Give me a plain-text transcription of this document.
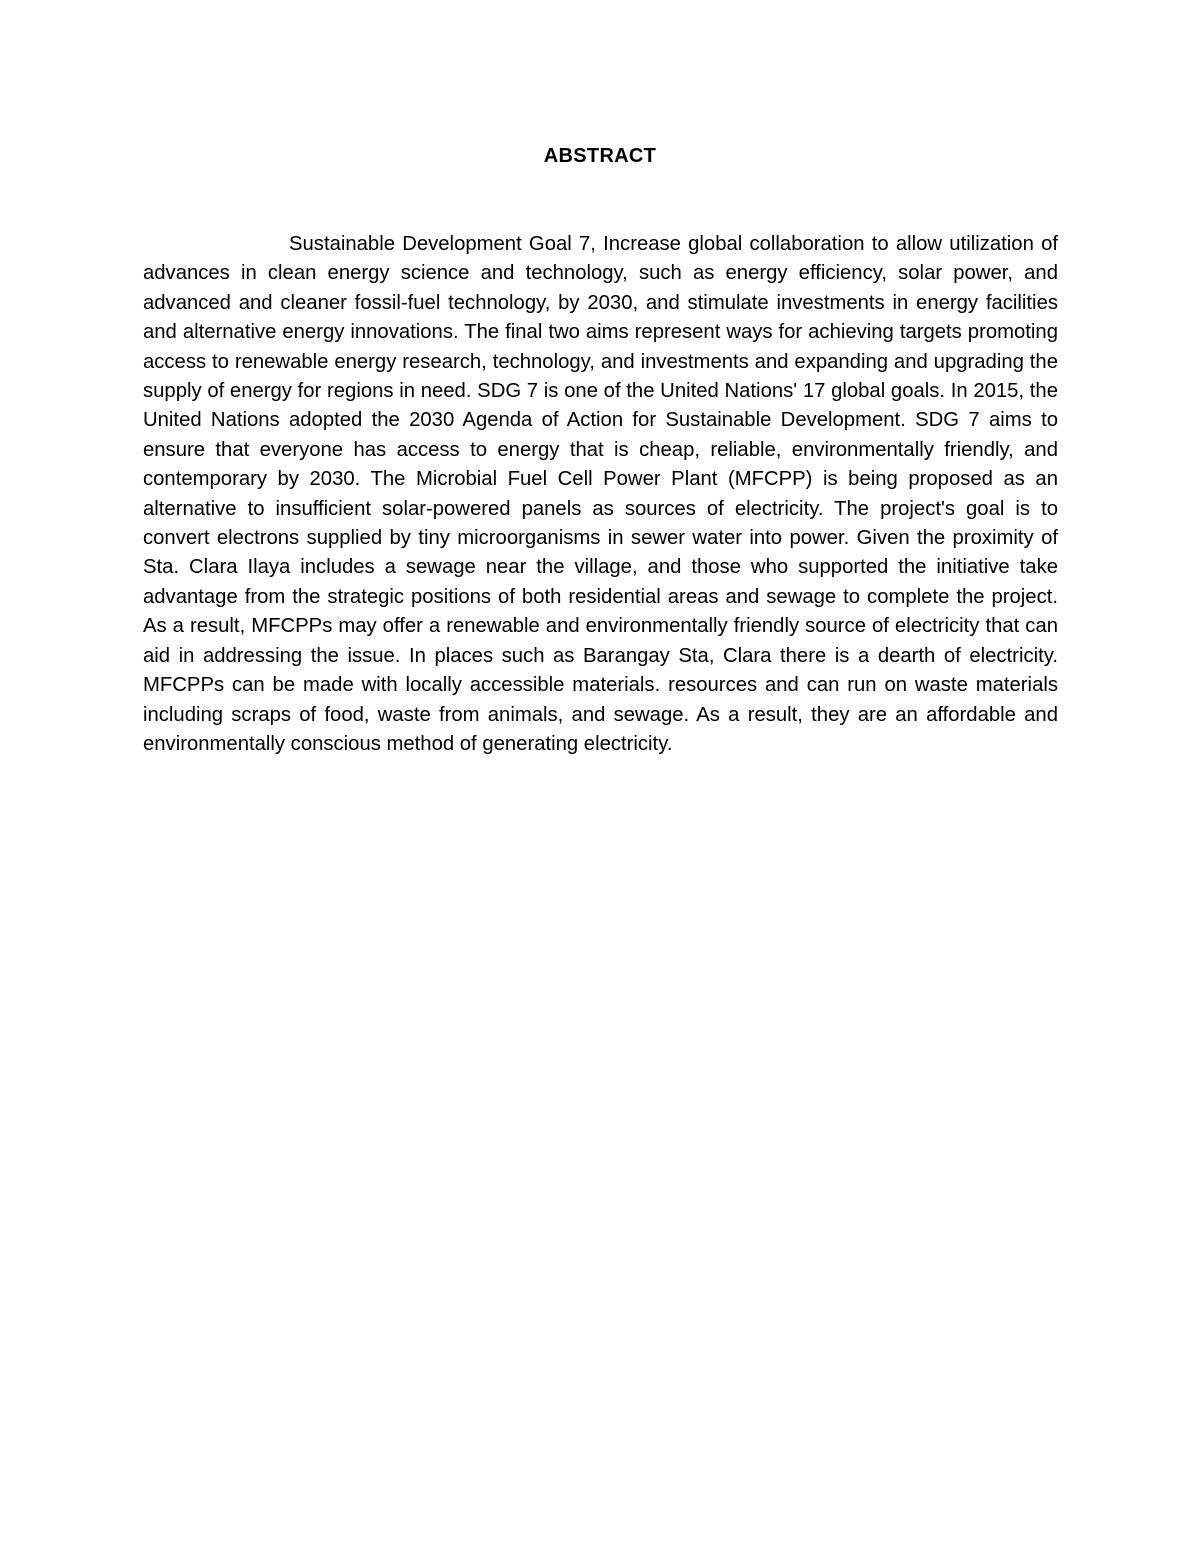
ABSTRACT

Sustainable Development Goal 7, Increase global collaboration to allow utilization of advances in clean energy science and technology, such as energy efficiency, solar power, and advanced and cleaner fossil-fuel technology, by 2030, and stimulate investments in energy facilities and alternative energy innovations. The final two aims represent ways for achieving targets promoting access to renewable energy research, technology, and investments and expanding and upgrading the supply of energy for regions in need. SDG 7 is one of the United Nations' 17 global goals. In 2015, the United Nations adopted the 2030 Agenda of Action for Sustainable Development. SDG 7 aims to ensure that everyone has access to energy that is cheap, reliable, environmentally friendly, and contemporary by 2030. The Microbial Fuel Cell Power Plant (MFCPP) is being proposed as an alternative to insufficient solar-powered panels as sources of electricity. The project's goal is to convert electrons supplied by tiny microorganisms in sewer water into power. Given the proximity of Sta. Clara Ilaya includes a sewage near the village, and those who supported the initiative take advantage from the strategic positions of both residential areas and sewage to complete the project. As a result, MFCPPs may offer a renewable and environmentally friendly source of electricity that can aid in addressing the issue. In places such as Barangay Sta, Clara there is a dearth of electricity. MFCPPs can be made with locally accessible materials. resources and can run on waste materials including scraps of food, waste from animals, and sewage. As a result, they are an affordable and environmentally conscious method of generating electricity.
